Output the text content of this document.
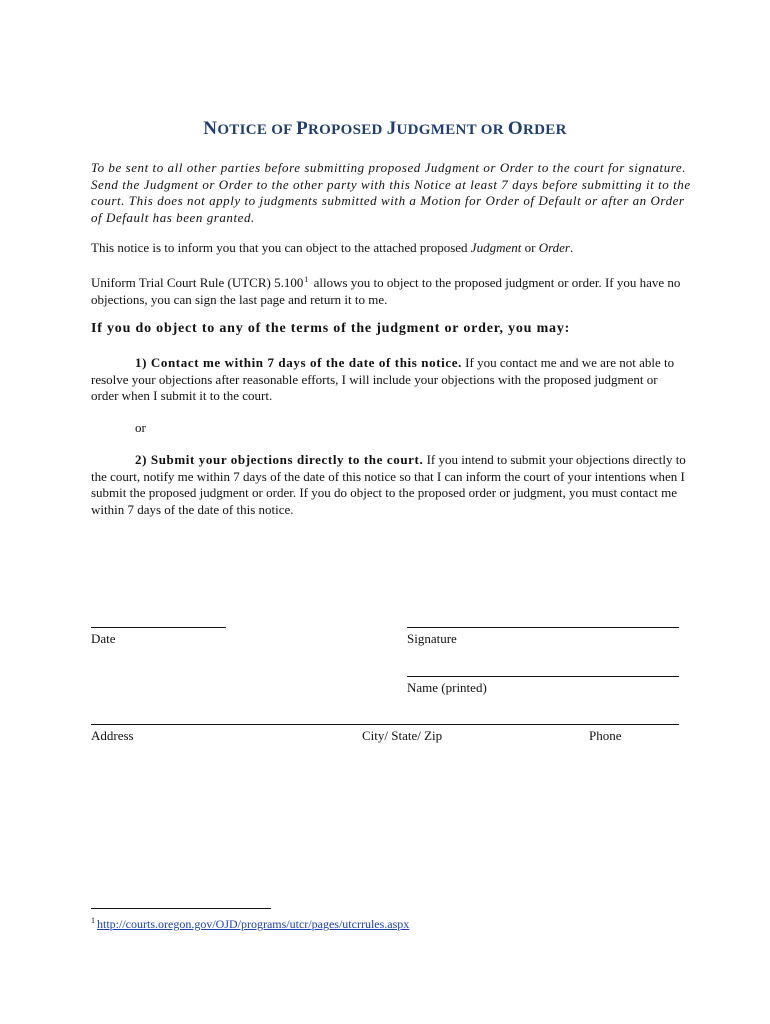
NOTICE OF PROPOSED JUDGMENT OR ORDER

To be sent to all other parties before submitting proposed Judgment or Order to the court for signature. Send the Judgment or Order to the other party with this Notice at least 7 days before submitting it to the court. This does not apply to judgments submitted with a Motion for Order of Default or after an Order of Default has been granted.

This notice is to inform you that you can object to the attached proposed Judgment or Order.

Uniform Trial Court Rule (UTCR) 5.100$^1$ allows you to object to the proposed judgment or order. If you have no objections, you can sign the last page and return it to me.

If you do object to any of the terms of the judgment or order, you may:

1) Contact me within 7 days of the date of this notice. If you contact me and we are not able to resolve your objections after reasonable efforts, I will include your objections with the proposed judgment or order when I submit it to the court.

or

2) Submit your objections directly to the court. If you intend to submit your objections directly to the court, notify me within 7 days of the date of this notice so that I can inform the court of your intentions when I submit the proposed judgment or order. If you do object to the proposed order or judgment, you must contact me within 7 days of the date of this notice.

Date	Signature
Name (printed)
Address	City/ State/ Zip	Phone
$^1$ http://courts.oregon.gov/OJD/programs/utcr/pages/utcrrules.aspx
